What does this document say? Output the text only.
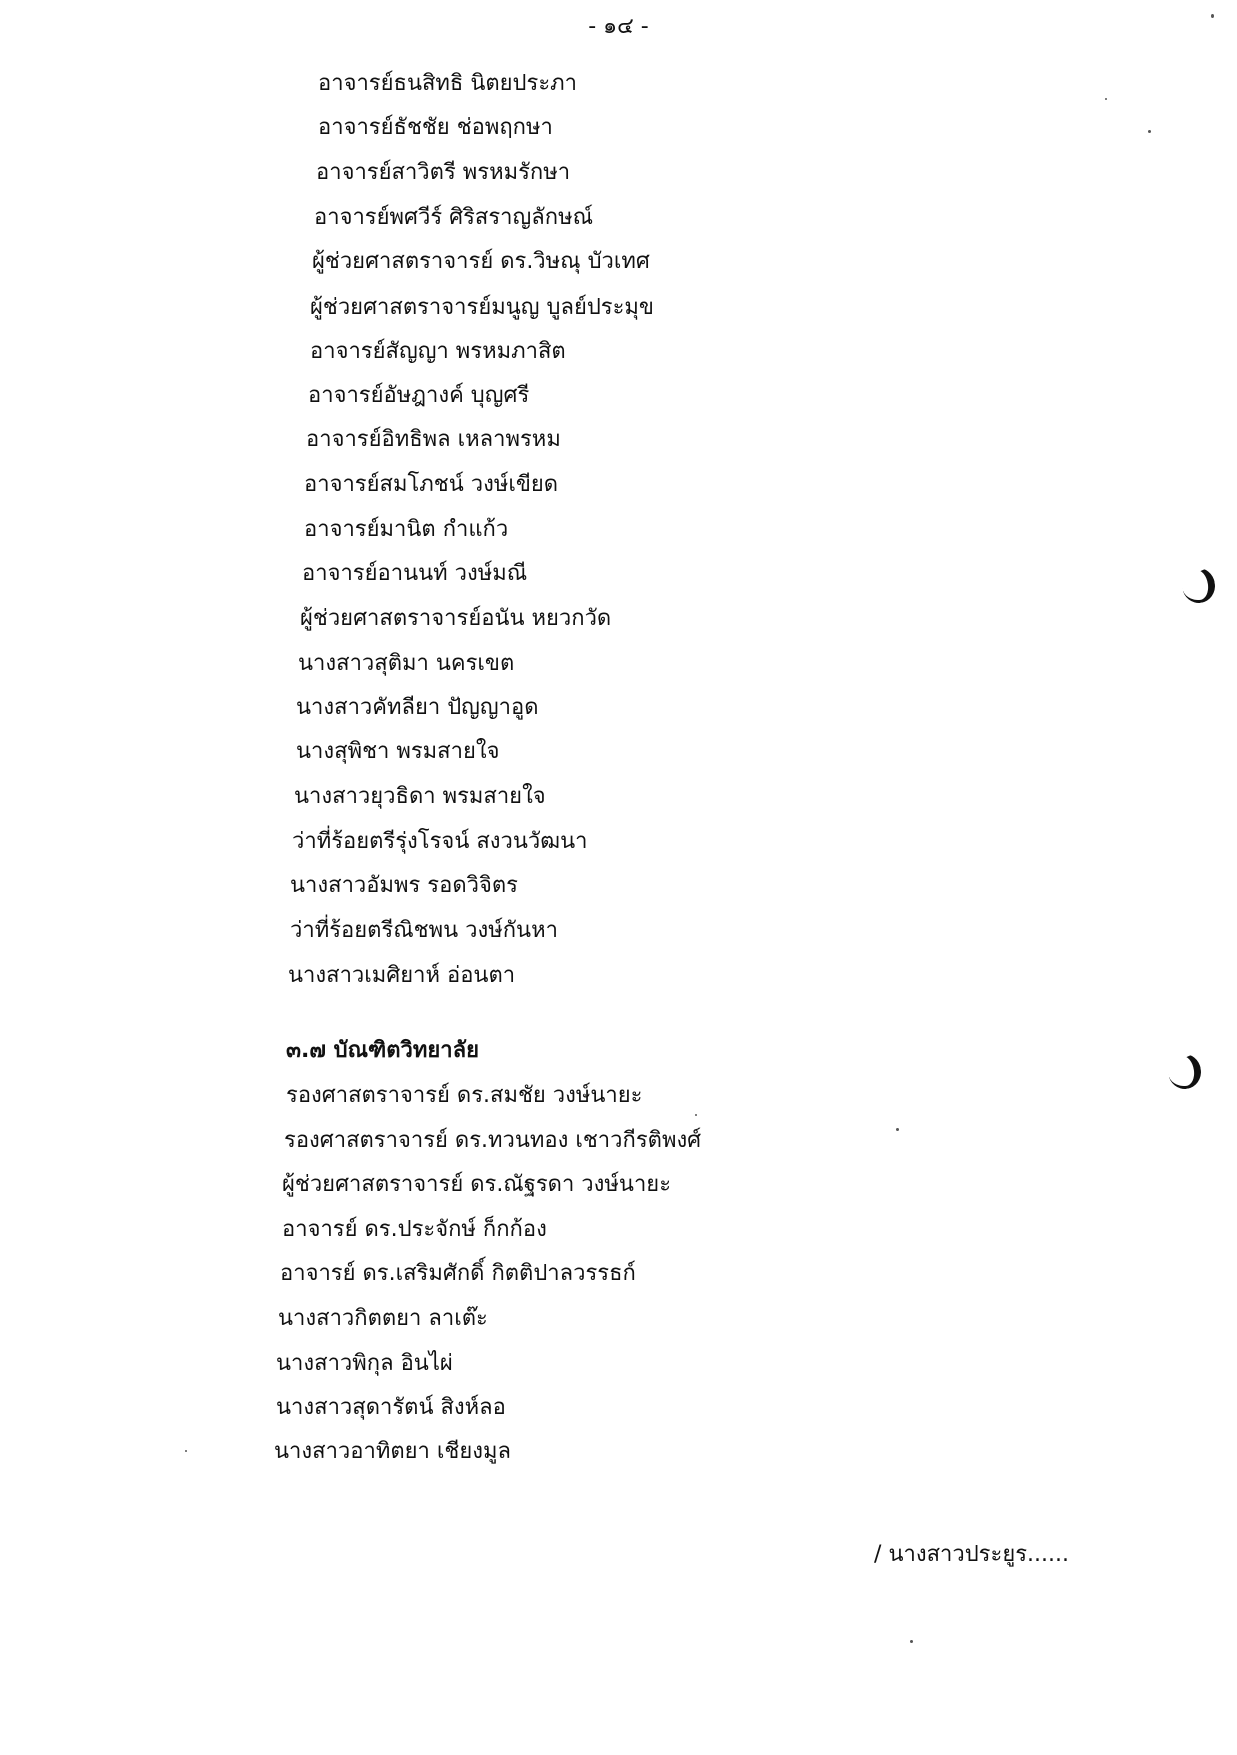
- ๑๔ -
อาจารย์ธนสิทธิ นิตยประภา
อาจารย์ธัชชัย ช่อพฤกษา
อาจารย์สาวิตรี พรหมรักษา
อาจารย์พศวีร์ ศิริสราญลักษณ์
ผู้ช่วยศาสตราจารย์ ดร.วิษณุ บัวเทศ
ผู้ช่วยศาสตราจารย์มนูญ บูลย์ประมุข
อาจารย์สัญญา พรหมภาสิต
อาจารย์อัษฎางค์ บุญศรี
อาจารย์อิทธิพล เหลาพรหม
อาจารย์สมโภชน์ วงษ์เขียด
อาจารย์มานิต กำแก้ว
อาจารย์อานนท์ วงษ์มณี
ผู้ช่วยศาสตราจารย์อนัน หยวกวัด
นางสาวสุติมา นครเขต
นางสาวคัทลียา ปัญญาอูด
นางสุพิชา พรมสายใจ
นางสาวยุวธิดา พรมสายใจ
ว่าที่ร้อยตรีรุ่งโรจน์ สงวนวัฒนา
นางสาวอัมพร รอดวิจิตร
ว่าที่ร้อยตรีณิชพน วงษ์กันหา
นางสาวเมศิยาห์ อ่อนตา
๓.๗ บัณฑิตวิทยาลัย
รองศาสตราจารย์ ดร.สมชัย วงษ์นายะ
รองศาสตราจารย์ ดร.ทวนทอง เชาวกีรติพงศ์
ผู้ช่วยศาสตราจารย์ ดร.ณัฐรดา วงษ์นายะ
อาจารย์ ดร.ประจักษ์ ก็กก้อง
อาจารย์ ดร.เสริมศักดิ์ กิตติปาลวรรธก์
นางสาวกิตตยา ลาเต๊ะ
นางสาวพิกุล อินไผ่
นางสาวสุดารัตน์ สิงห์ลอ
นางสาวอาทิตยา เชียงมูล
/ นางสาวประยูร......
